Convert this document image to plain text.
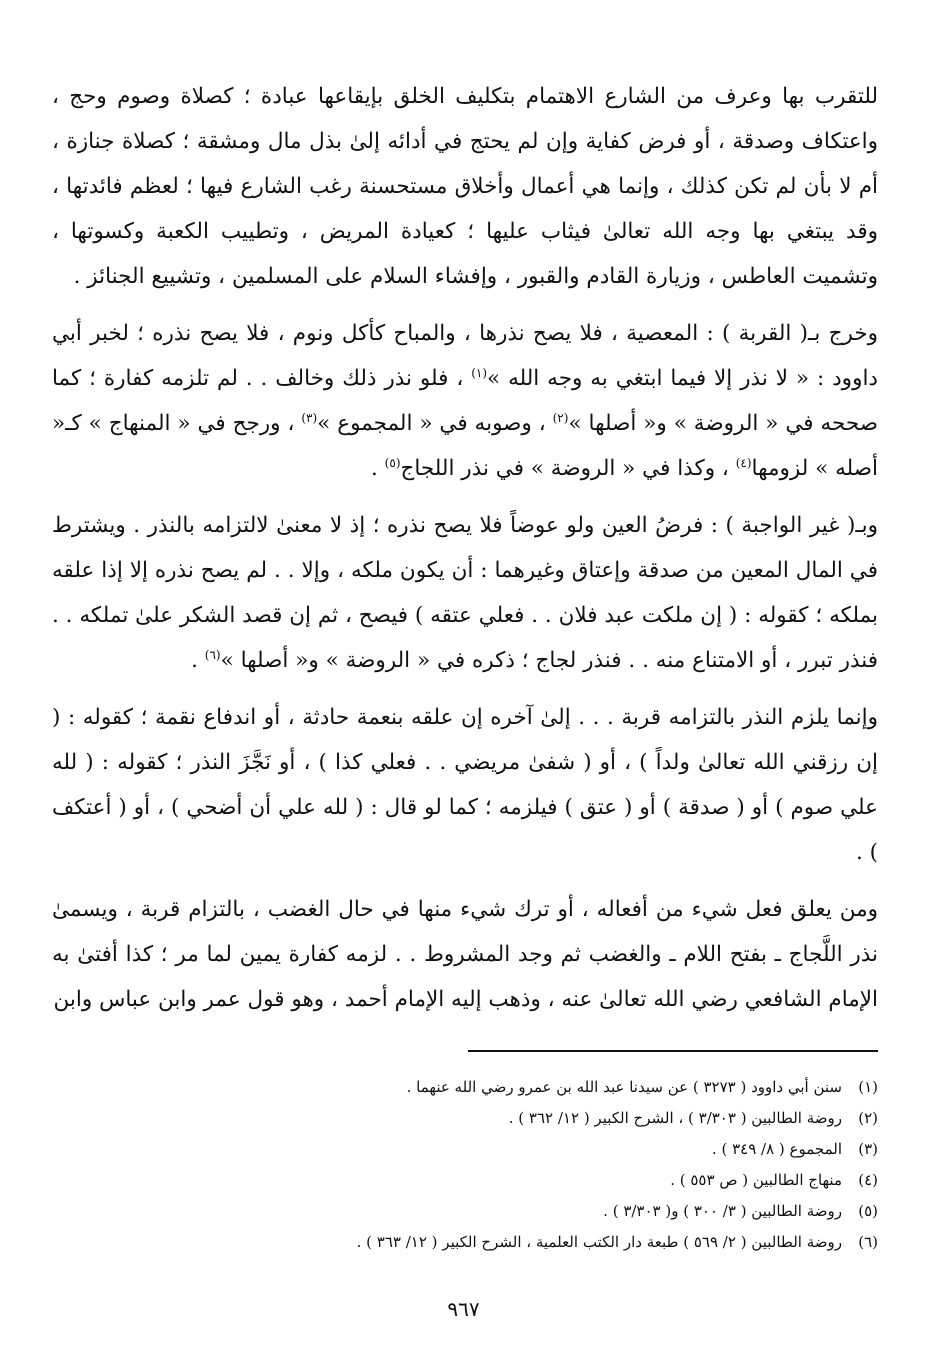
للتقرب بها وعرف من الشارع الاهتمام بتكليف الخلق بإيقاعها عبادة ؛ كصلاة وصوم وحج ، واعتكاف وصدقة ، أو فرض كفاية وإن لم يحتج في أدائه إلىٰ بذل مال ومشقة ؛ كصلاة جنازة ، أم لا بأن لم تكن كذلك ، وإنما هي أعمال وأخلاق مستحسنة رغب الشارع فيها ؛ لعظم فائدتها ، وقد يبتغي بها وجه الله تعالىٰ فيثاب عليها ؛ كعيادة المريض ، وتطييب الكعبة وكسوتها ، وتشميت العاطس ، وزيارة القادم والقبور ، وإفشاء السلام على المسلمين ، وتشييع الجنائز .

وخرج بـ( القربة ) : المعصية ، فلا يصح نذرها ، والمباح كأكل ونوم ، فلا يصح نذره ؛ لخبر أبي داوود : « لا نذر إلا فيما ابتغي به وجه الله »$^{(١)}$ ، فلو نذر ذلك وخالف . . لم تلزمه كفارة ؛ كما صححه في « الروضة » و« أصلها »$^{(٢)}$ ، وصوبه في « المجموع »$^{(٣)}$ ، ورجح في « المنهاج » كـ« أصله » لزومها$^{(٤)}$ ، وكذا في « الروضة » في نذر اللجاج$^{(٥)}$ .

وبـ( غير الواجبة ) : فرضُ العين ولو عوضاً فلا يصح نذره ؛ إذ لا معنىٰ لالتزامه بالنذر . ويشترط في المال المعين من صدقة وإعتاق وغيرهما : أن يكون ملكه ، وإلا . . لم يصح نذره إلا إذا علقه بملكه ؛ كقوله : ( إن ملكت عبد فلان . . فعلي عتقه ) فيصح ، ثم إن قصد الشكر علىٰ تملكه . . فنذر تبرر ، أو الامتناع منه . . فنذر لجاج ؛ ذكره في « الروضة » و« أصلها »$^{(٦)}$ .

وإنما يلزم النذر بالتزامه قربة . . . إلىٰ آخره إن علقه بنعمة حادثة ، أو اندفاع نقمة ؛ كقوله : ( إن رزقني الله تعالىٰ ولداً ) ، أو ( شفىٰ مريضي . . فعلي كذا ) ، أو نَجَّزَ النذر ؛ كقوله : ( لله علي صوم ) أو ( صدقة ) أو ( عتق ) فيلزمه ؛ كما لو قال : ( لله علي أن أضحي ) ، أو ( أعتكف ) .

ومن يعلق فعل شيء من أفعاله ، أو ترك شيء منها في حال الغضب ، بالتزام قربة ، ويسمىٰ نذر اللَّجاج ـ بفتح اللام ـ والغضب ثم وجد المشروط . . لزمه كفارة يمين لما مر ؛ كذا أفتىٰ به الإمام الشافعي رضي الله تعالىٰ عنه ، وذهب إليه الإمام أحمد ، وهو قول عمر وابن عباس وابن

(١)
سنن أبي داوود ( ٣٢٧٣ ) عن سيدنا عبد الله بن عمرو رضي الله عنهما .
(٢)
روضة الطالبين ( ٣/٣٠٣ ) ، الشرح الكبير ( ١٢/ ٣٦٢ ) .
(٣)
المجموع ( ٨/ ٣٤٩ ) .
(٤)
منهاج الطالبين ( ص ٥٥٣ ) .
(٥)
روضة الطالبين ( ٣/ ٣٠٠ ) و( ٣/٣٠٣ ) .
(٦)
روضة الطالبين ( ٢/ ٥٦٩ ) طبعة دار الكتب العلمية ، الشرح الكبير ( ١٢/ ٣٦٣ ) .
٩٦٧
